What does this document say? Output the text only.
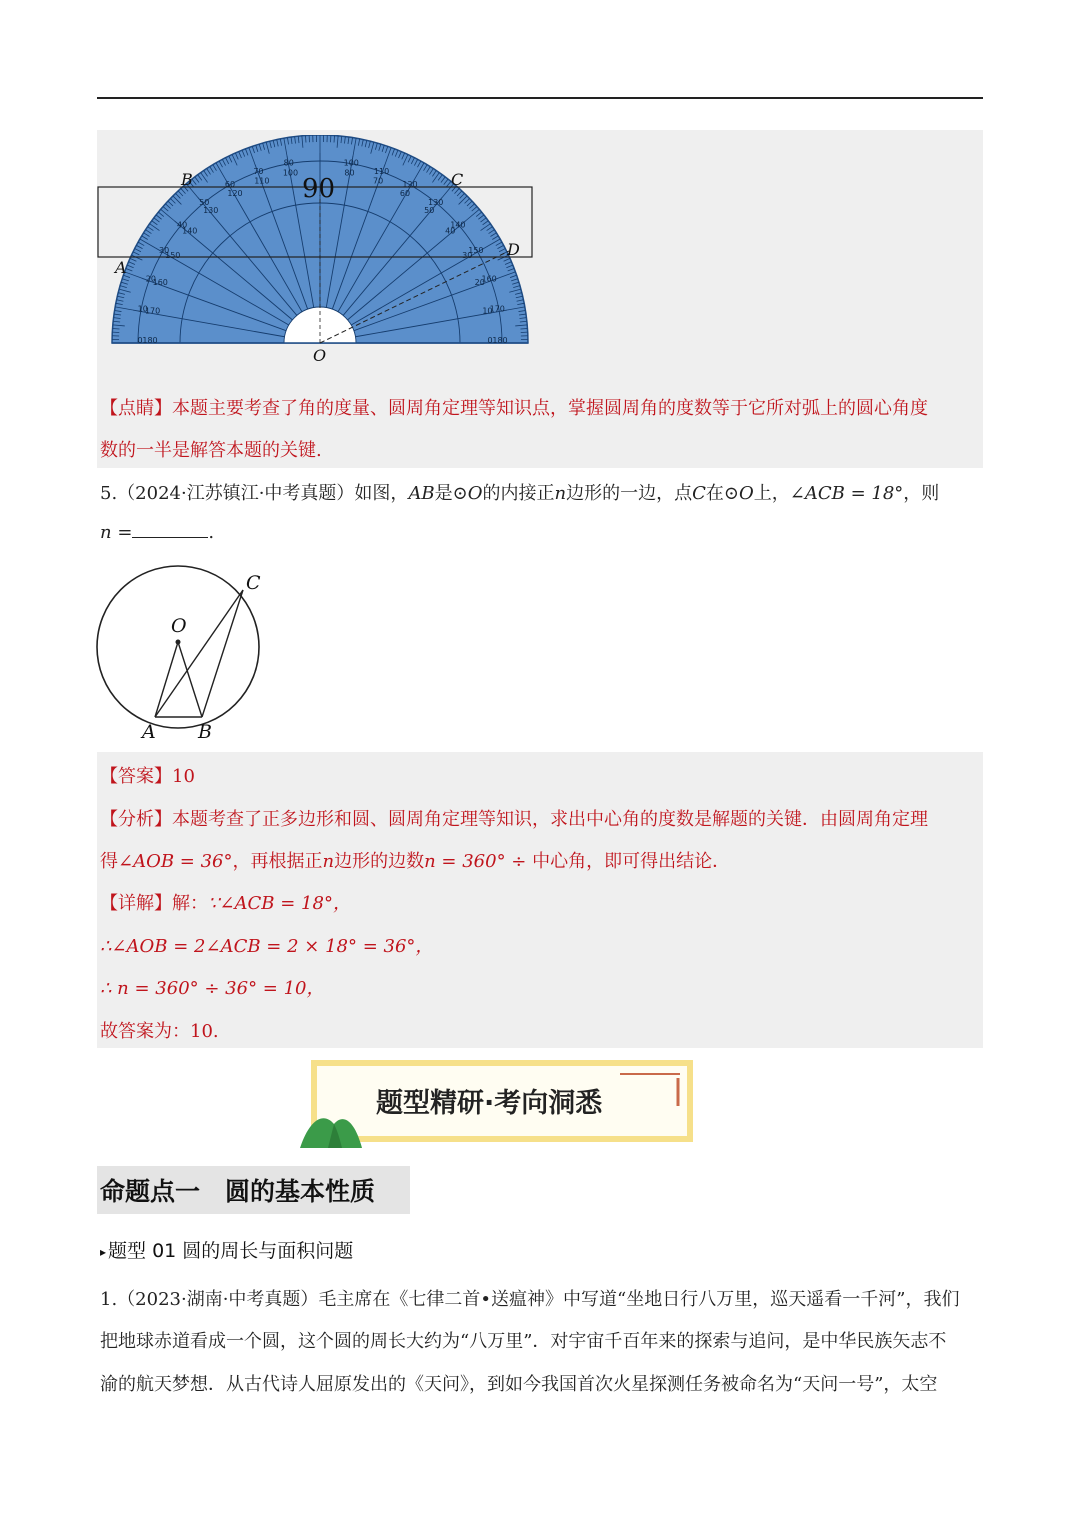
0 180
10
170
20
160
30
150
40
140
50
130
60
120
70
110
80
100
100
80 110
70 120
60
130
50
140
40
150
30
160
20
170
10
180
0
90
B	C
A
D
O
【点睛】本题主要考查了角的度量、圆周角定理等知识点，掌握圆周角的度数等于它所对弧上的圆心角度
数的一半是解答本题的关键.
5.（2024·江苏镇江·中考真题）如图，AB是⊙O的内接正n边形的一边，点C在⊙O上，∠ACB = 18°，则
n =	.
O
A B
C
【答案】10
【分析】本题考查了正多边形和圆、圆周角定理等知识，求出中心角的度数是解题的关键．由圆周角定理
得∠AOB = 36°，再根据正n边形的边数n = 360° ÷ 中心角，即可得出结论．
【详解】解：∵∠ACB = 18°，
∴∠AOB = 2∠ACB = 2 × 18° = 36°，
∴ n = 360° ÷ 36° = 10，
故答案为：10.
题型精研·考向洞悉
命题点一　圆的基本性质
▸ 题型 01 圆的周长与面积问题
1.（2023·湖南·中考真题）毛主席在《七律二首•送瘟神》中写道“坐地日行八万里，巡天遥看一千河”，我们
把地球赤道看成一个圆，这个圆的周长大约为“八万里”．对宇宙千百年来的探索与追问，是中华民族矢志不
渝的航天梦想．从古代诗人屈原发出的《天问》，到如今我国首次火星探测任务被命名为“天问一号”，太空
